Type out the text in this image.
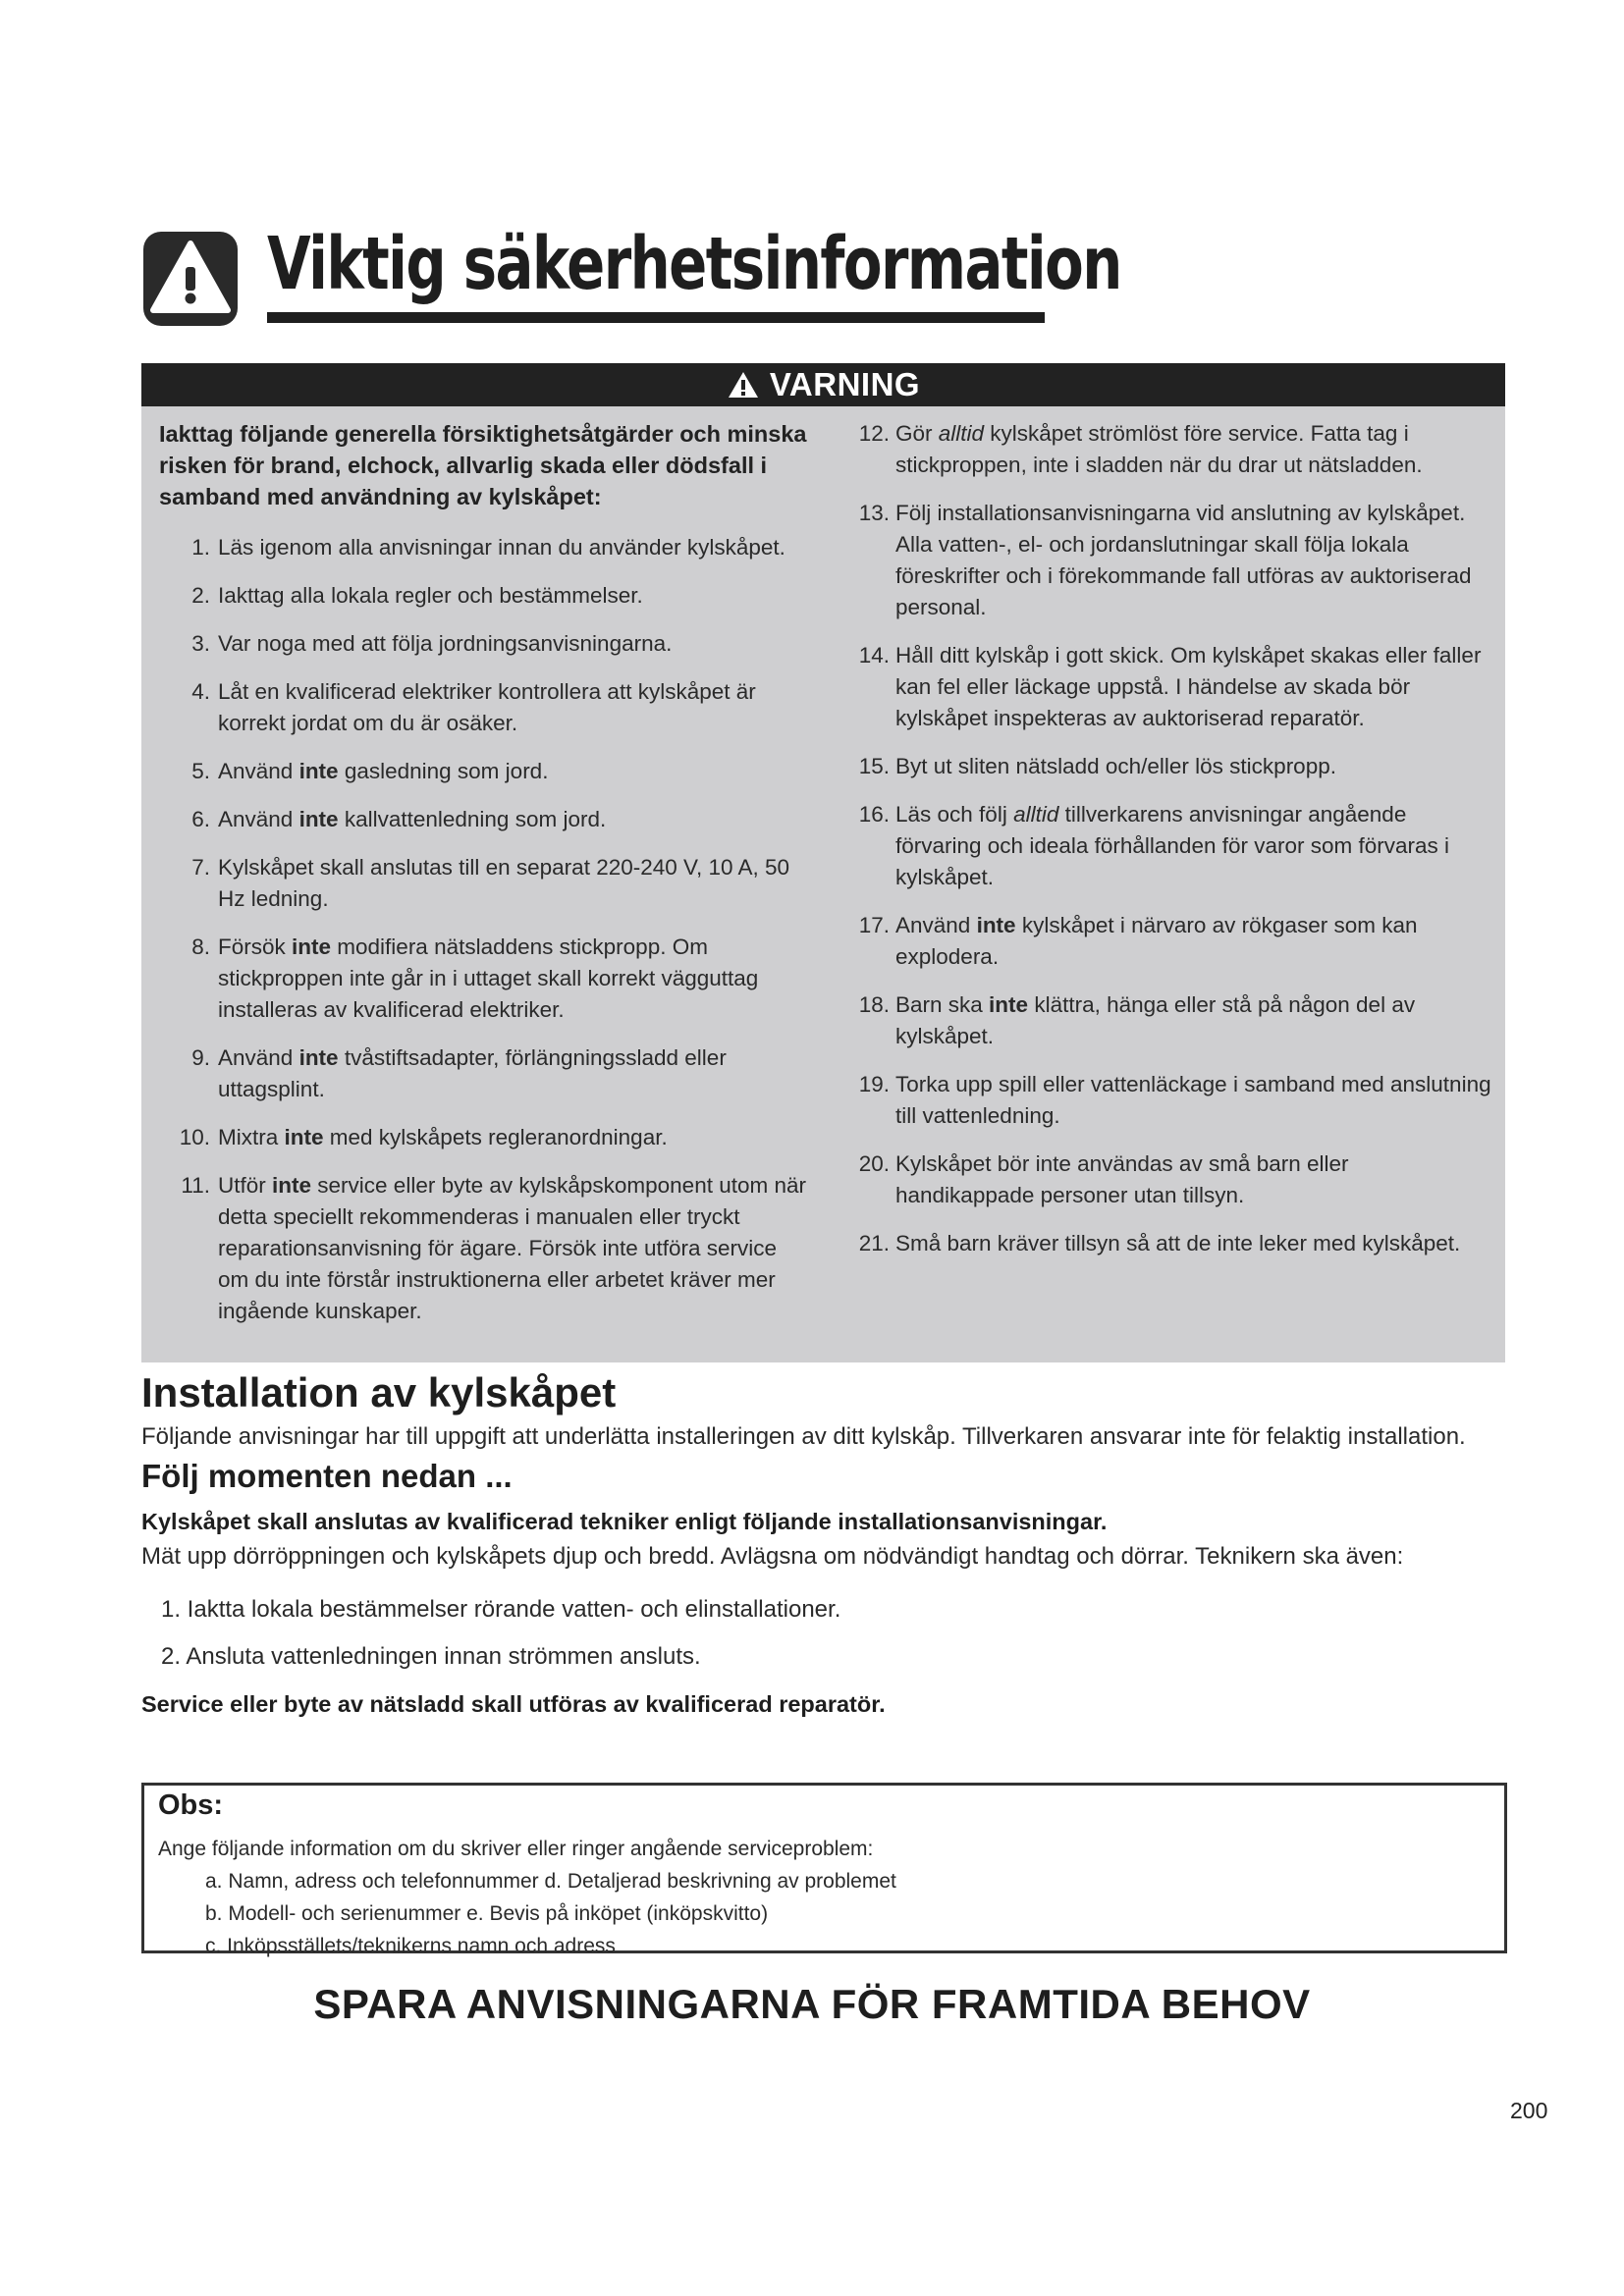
Viktig säkerhetsinformation
VARNING

Iakttag följande generella försiktighetsåtgärder och minska risken för brand, elchock, allvarlig skada eller dödsfall i samband med användning av kylskåpet:

1. Läs igenom alla anvisningar innan du använder kylskåpet.
2. Iakttag alla lokala regler och bestämmelser.
3. Var noga med att följa jordningsanvisningarna.
4. Låt en kvalificerad elektriker kontrollera att kylskåpet är korrekt jordat om du är osäker.
5. Använd inte gasledning som jord.
6. Använd inte kallvattenledning som jord.
7. Kylskåpet skall anslutas till en separat 220-240 V, 10 A, 50 Hz ledning.
8. Försök inte modifiera nätsladdens stickpropp. Om stickproppen inte går in i uttaget skall korrekt vägguttag installeras av kvalificerad elektriker.
9. Använd inte tvåstiftsadapter, förlängningssladd eller uttagsplint.
10. Mixtra inte med kylskåpets regleranordningar.
11. Utför inte service eller byte av kylskåpskomponent utom när detta speciellt rekommenderas i manualen eller tryckt reparationsanvisning för ägare. Försök inte utföra service om du inte förstår instruktionerna eller arbetet kräver mer ingående kunskaper.
12. Gör alltid kylskåpet strömlöst före service. Fatta tag i stickproppen, inte i sladden när du drar ut nätsladden.
13. Följ installationsanvisningarna vid anslutning av kylskåpet. Alla vatten-, el- och jordanslutningar skall följa lokala föreskrifter och i förekommande fall utföras av auktoriserad personal.
14. Håll ditt kylskåp i gott skick. Om kylskåpet skakas eller faller kan fel eller läckage uppstå. I händelse av skada bör kylskåpet inspekteras av auktoriserad reparatör.
15. Byt ut sliten nätsladd och/eller lös stickpropp.
16. Läs och följ alltid tillverkarens anvisningar angående förvaring och ideala förhållanden för varor som förvaras i kylskåpet.
17. Använd inte kylskåpet i närvaro av rökgaser som kan explodera.
18. Barn ska inte klättra, hänga eller stå på någon del av kylskåpet.
19. Torka upp spill eller vattenläckage i samband med anslutning till vattenledning.
20. Kylskåpet bör inte användas av små barn eller handikappade personer utan tillsyn.
21. Små barn kräver tillsyn så att de inte leker med kylskåpet.
Installation av kylskåpet

Följande anvisningar har till uppgift att underlätta installeringen av ditt kylskåp. Tillverkaren ansvarar inte för felaktig installation.

Följ momenten nedan ...

Kylskåpet skall anslutas av kvalificerad tekniker enligt följande installationsanvisningar.

Mät upp dörröppningen och kylskåpets djup och bredd. Avlägsna om nödvändigt handtag och dörrar. Teknikern ska även:

1. Iaktta lokala bestämmelser rörande vatten- och elinstallationer.
2. Ansluta vattenledningen innan strömmen ansluts.

Service eller byte av nätsladd skall utföras av kvalificerad reparatör.

Obs:
Ange följande information om du skriver eller ringer angående serviceproblem:
a. Namn, adress och telefonnummer d. Detaljerad beskrivning av problemet
b. Modell- och serienummer e. Bevis på inköpet (inköpskvitto)
c. Inköpsställets/teknikerns namn och adress
SPARA ANVISNINGARNA FÖR FRAMTIDA BEHOV
200
